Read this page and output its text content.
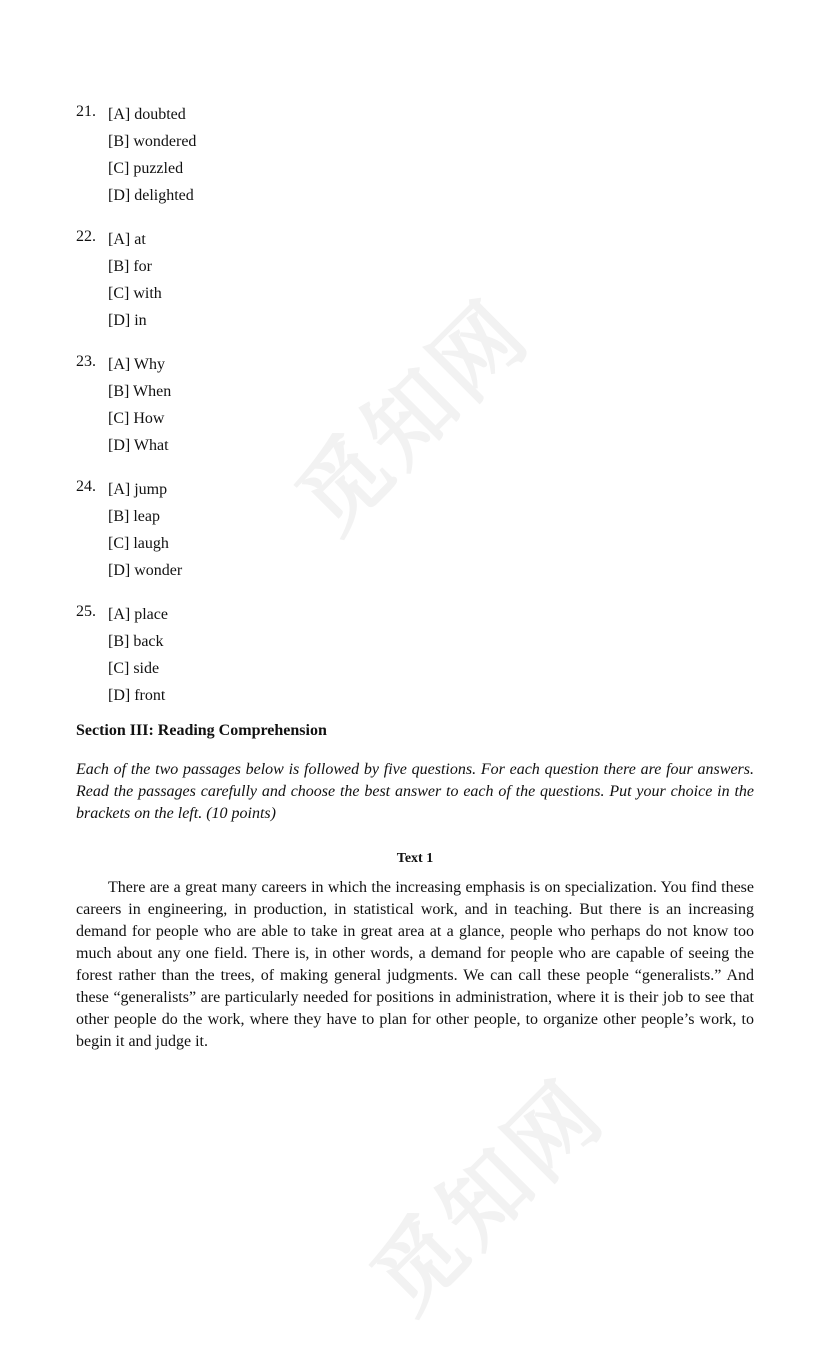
觅知网
觅知网
21. [A] doubted
[B] wondered
[C] puzzled
[D] delighted
22. [A] at
[B] for
[C] with
[D] in
23. [A] Why
[B] When
[C] How
[D] What
24. [A] jump
[B] leap
[C] laugh
[D] wonder
25. [A] place
[B] back
[C] side
[D] front
Section III: Reading Comprehension
Each of the two passages below is followed by five questions. For each question there are four answers. Read the passages carefully and choose the best answer to each of the questions. Put your choice in the brackets on the left. (10 points)
Text 1
There are a great many careers in which the increasing emphasis is on specialization. You find these careers in engineering, in production, in statistical work, and in teaching. But there is an increasing demand for people who are able to take in great area at a glance, people who perhaps do not know too much about any one field. There is, in other words, a demand for people who are capable of seeing the forest rather than the trees, of making general judgments. We can call these people “generalists.” And these “generalists” are particularly needed for positions in administration, where it is their job to see that other people do the work, where they have to plan for other people, to organize other people’s work, to begin it and judge it.
